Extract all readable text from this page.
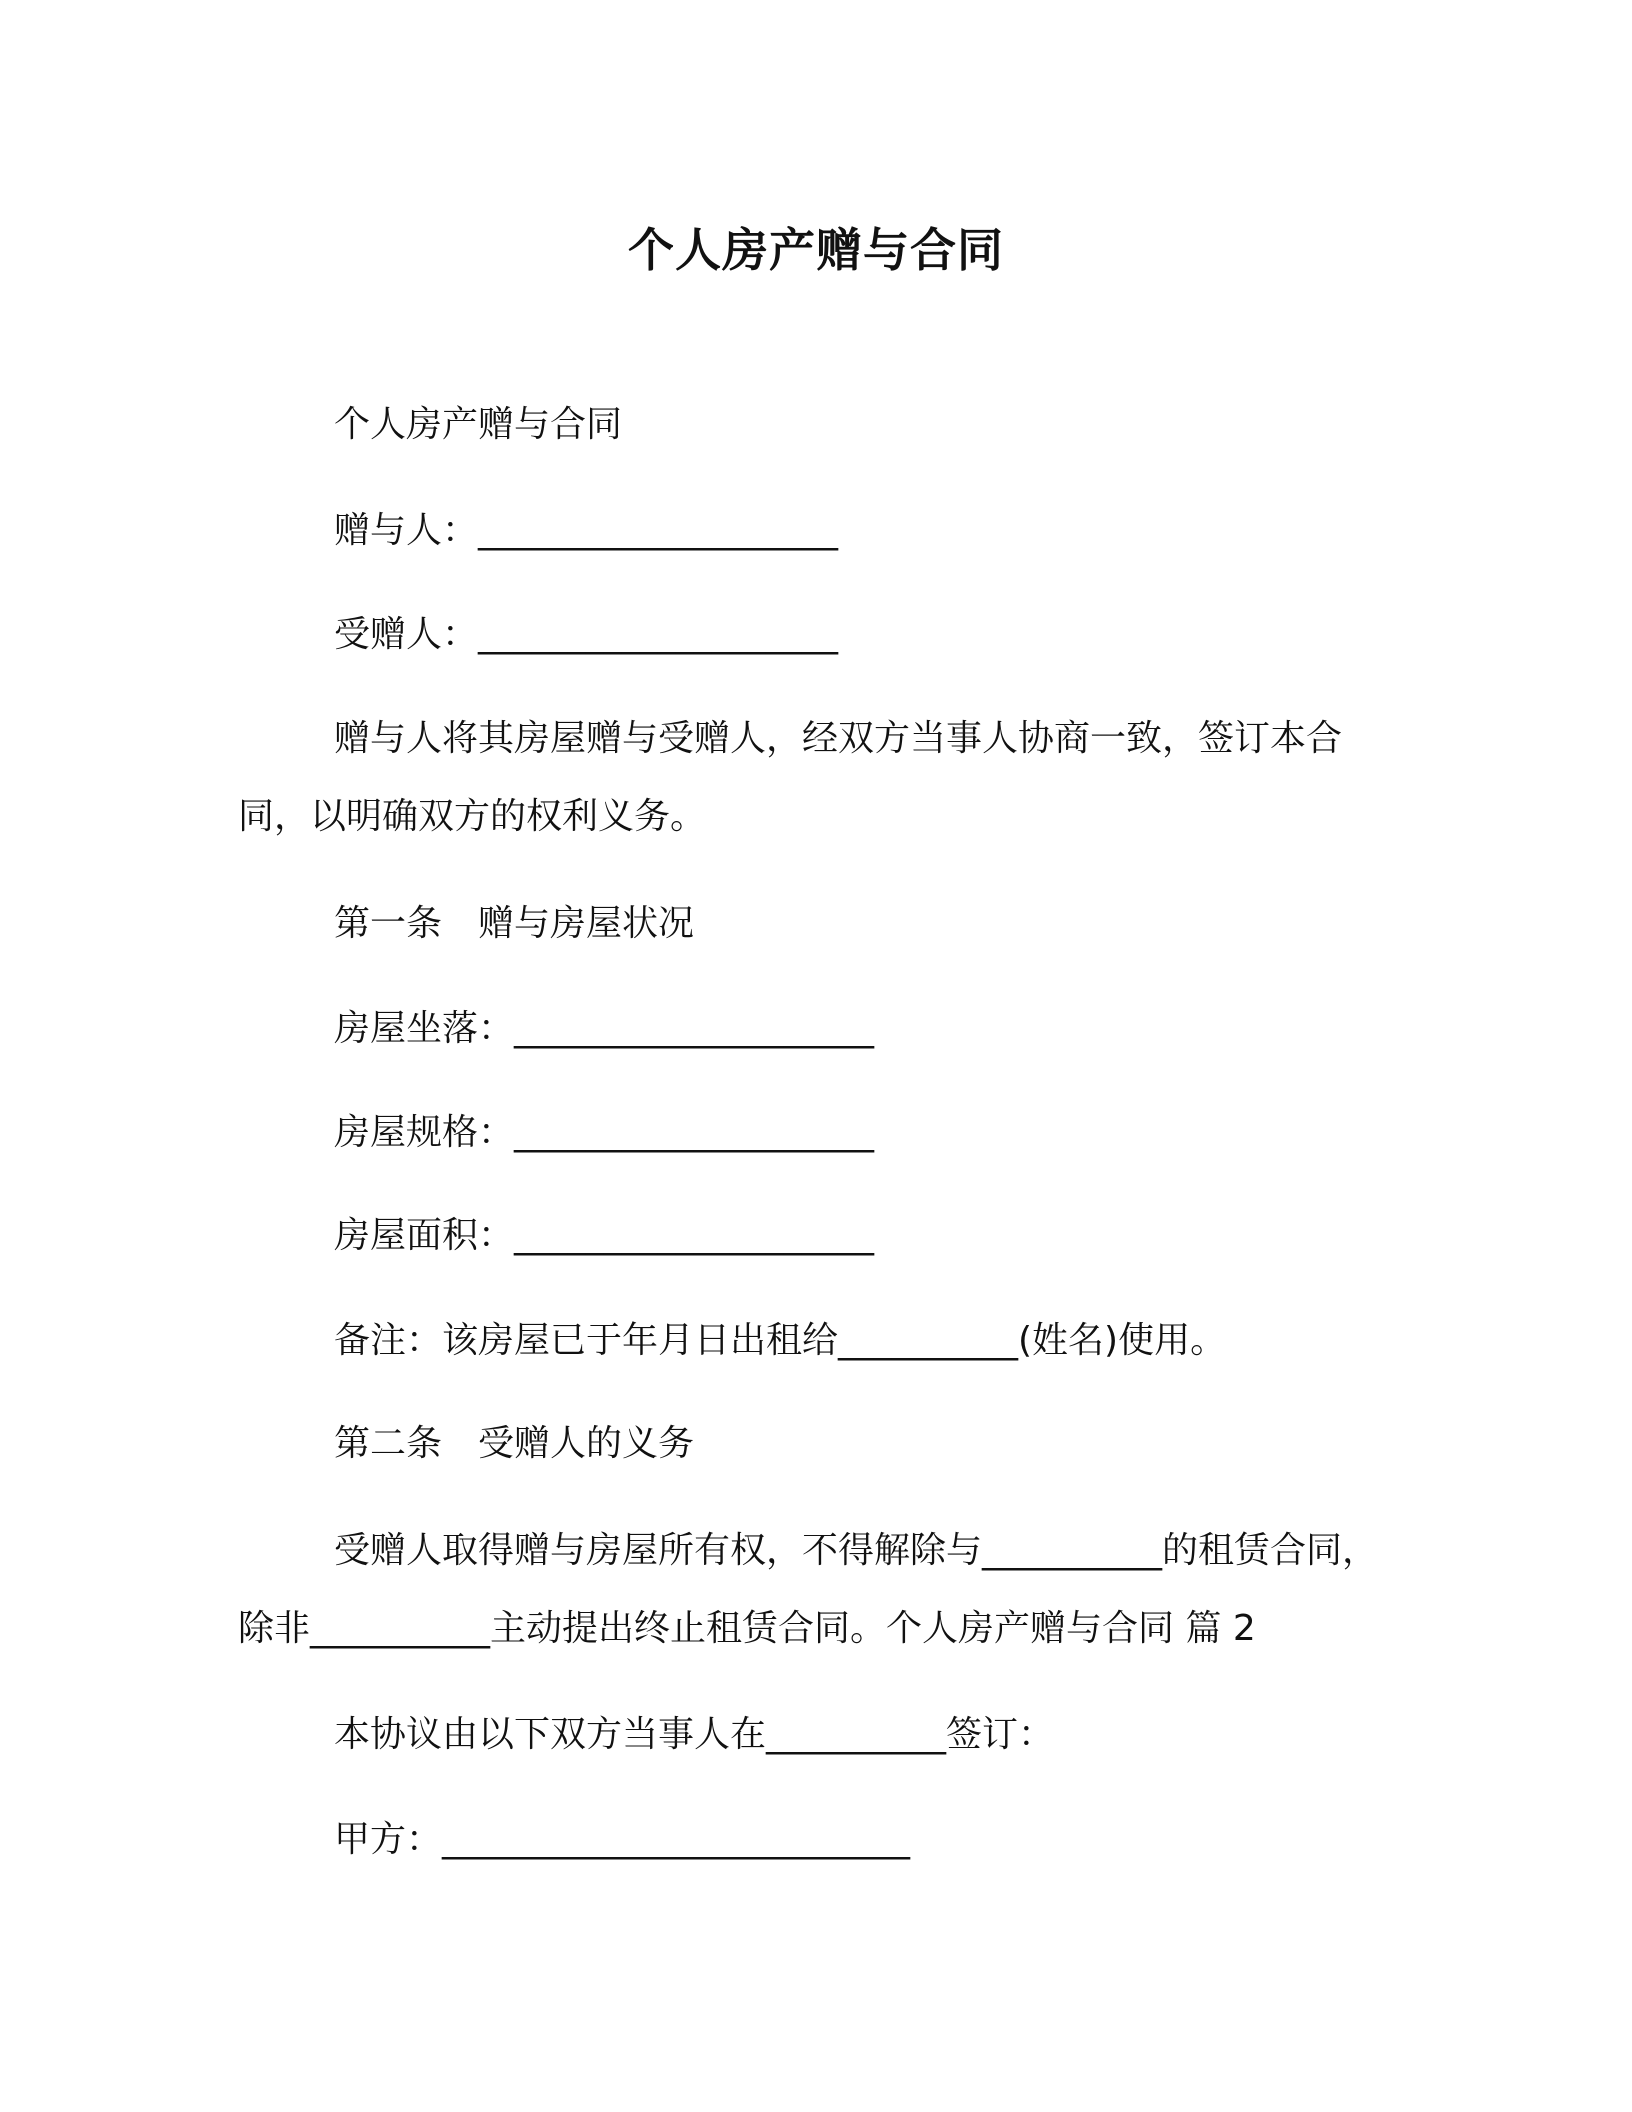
个人房产赠与合同
个人房产赠与合同
赠与人：____________________
受赠人：____________________
赠与人将其房屋赠与受赠人，经双方当事人协商一致，签订本合
同，以明确双方的权利义务。
第一条　赠与房屋状况
房屋坐落：____________________
房屋规格：____________________
房屋面积：____________________
备注：该房屋已于年月日出租给__________(姓名)使用。
第二条　受赠人的义务
受赠人取得赠与房屋所有权，不得解除与__________的租赁合同，
除非__________主动提出终止租赁合同。个人房产赠与合同 篇 2
本协议由以下双方当事人在__________签订：
甲方：__________________________
